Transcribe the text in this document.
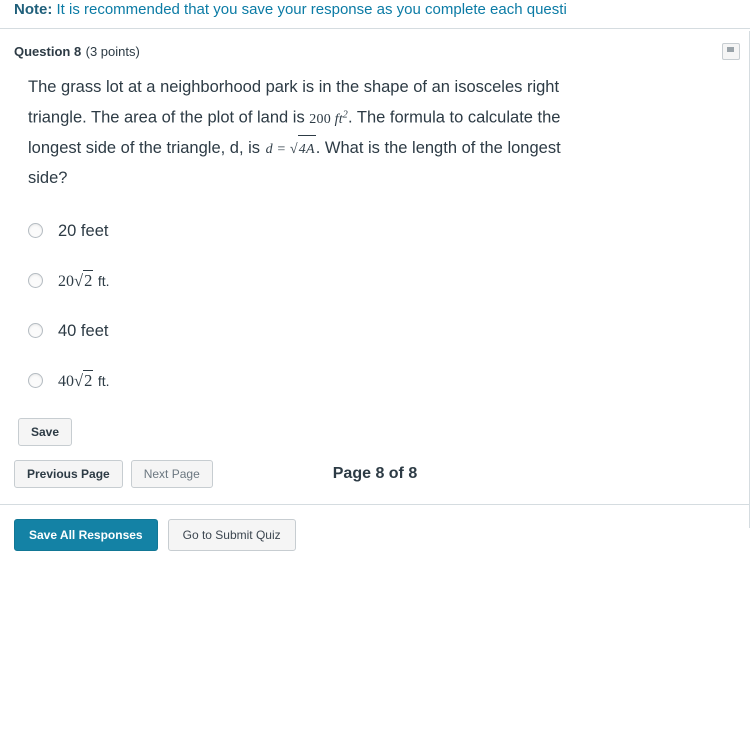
Note: It is recommended that you save your response as you complete each questi
Question 8 (3 points)
The grass lot at a neighborhood park is in the shape of an isosceles right
triangle. The area of the plot of land is 200 $ft^2$. The formula to calculate the
longest side of the triangle, d, is d = √4A. What is the length of the longest
side?
20 feet
20√2 ft.
40 feet
40√2 ft.
Save
Previous Page	Next Page	Page 8 of 8
Save All Responses	Go to Submit Quiz
